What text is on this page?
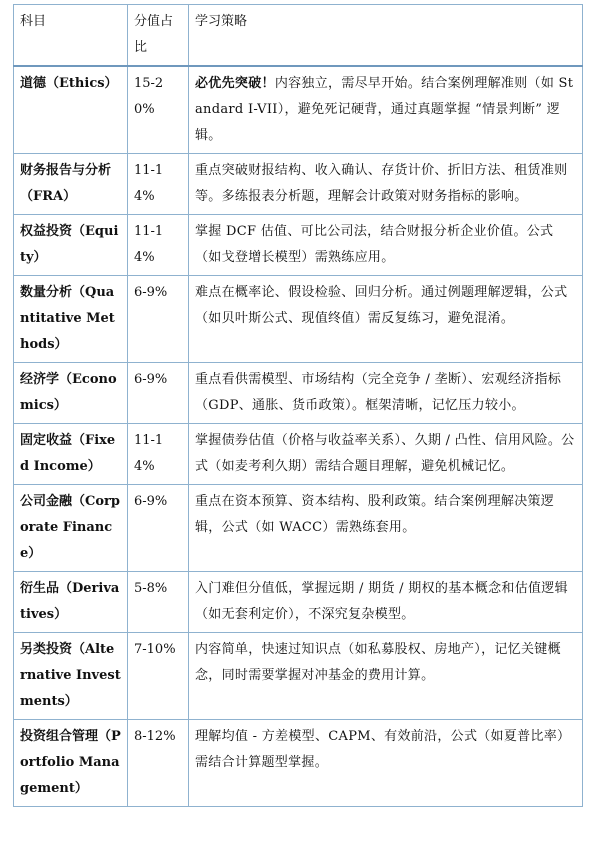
科目	分值占比	学习策略
道德（Ethics）	15-20%	必优先突破！内容独立，需尽早开始。结合案例理解准则（如 Standard I-VII），避免死记硬背，通过真题掌握 “情景判断” 逻辑。
财务报告与分析（FRA）	11-14%	重点突破财报结构、收入确认、存货计价、折旧方法、租赁准则等。多练报表分析题，理解会计政策对财务指标的影响。
权益投资（Equity）	11-14%	掌握 DCF 估值、可比公司法，结合财报分析企业价值。公式（如戈登增长模型）需熟练应用。
数量分析（Quantitative Methods）	6-9%	难点在概率论、假设检验、回归分析。通过例题理解逻辑，公式（如贝叶斯公式、现值终值）需反复练习，避免混淆。
经济学（Economics）	6-9%	重点看供需模型、市场结构（完全竞争 / 垄断）、宏观经济指标（GDP、通胀、货币政策）。框架清晰，记忆压力较小。
固定收益（Fixed Income）	11-14%	掌握债券估值（价格与收益率关系）、久期 / 凸性、信用风险。公式（如麦考利久期）需结合题目理解，避免机械记忆。
公司金融（Corporate Finance）	6-9%	重点在资本预算、资本结构、股利政策。结合案例理解决策逻辑，公式（如 WACC）需熟练套用。
衍生品（Derivatives）	5-8%	入门难但分值低，掌握远期 / 期货 / 期权的基本概念和估值逻辑（如无套利定价），不深究复杂模型。
另类投资（Alternative Investments）	7-10%	内容简单，快速过知识点（如私募股权、房地产），记忆关键概念，同时需要掌握对冲基金的费用计算。
投资组合管理（Portfolio Management）	8-12%	理解均值 - 方差模型、CAPM、有效前沿，公式（如夏普比率）需结合计算题型掌握。
